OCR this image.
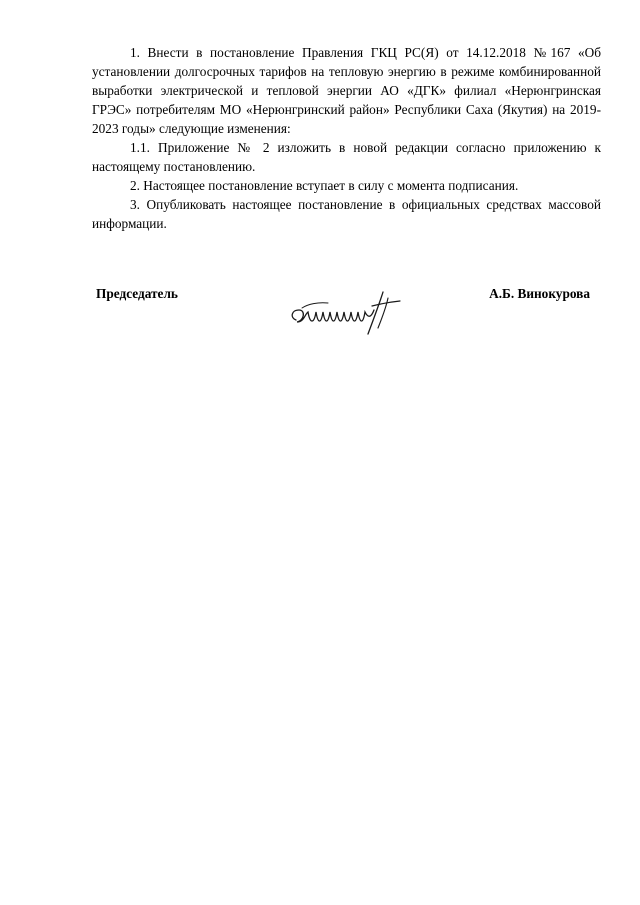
1. Внести в постановление Правления ГКЦ РС(Я) от 14.12.2018 №167 «Об установлении долгосрочных тарифов на тепловую энергию в режиме комбинированной выработки электрической и тепловой энергии АО «ДГК» филиал «Нерюнгринская ГРЭС» потребителям МО «Нерюнгринский район» Республики Саха (Якутия) на 2019-2023 годы» следующие изменения:

1.1. Приложение № 2 изложить в новой редакции согласно приложению к настоящему постановлению.

2. Настоящее постановление вступает в силу с момента подписания.

3. Опубликовать настоящее постановление в официальных средствах массовой информации.

Председатель	А.Б. Винокурова
